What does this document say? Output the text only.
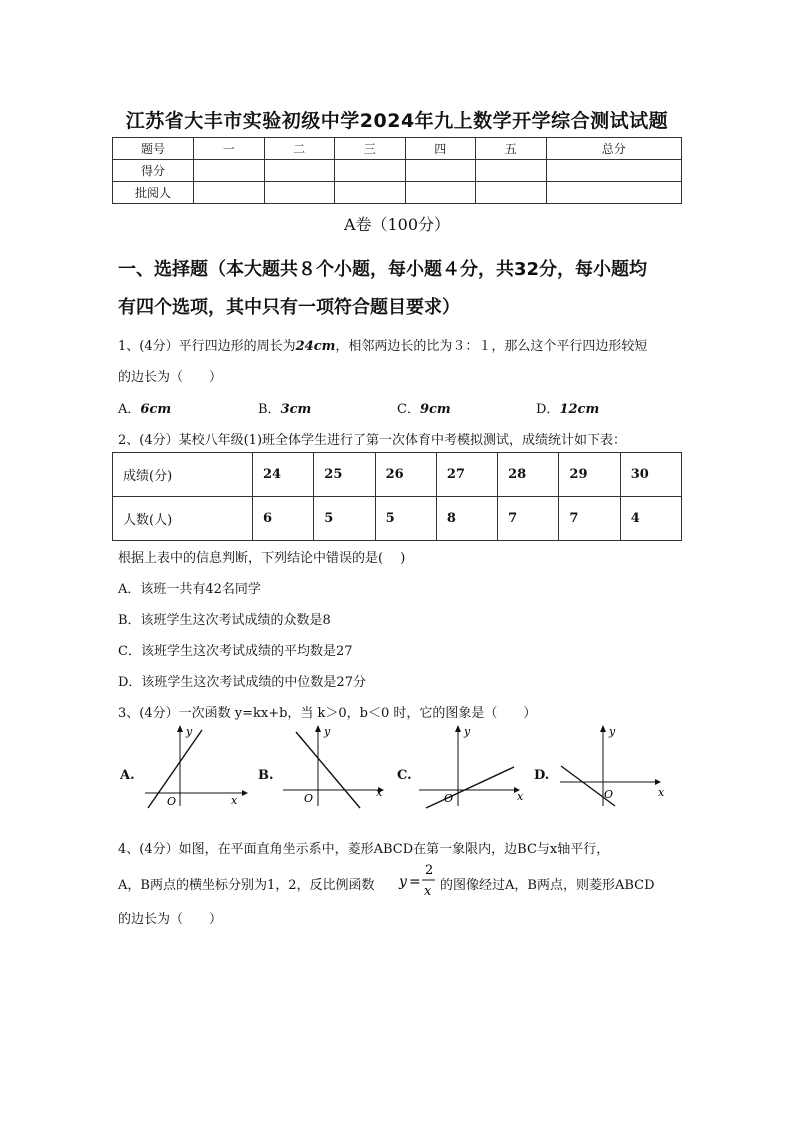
江苏省大丰市实验初级中学2024年九上数学开学综合测试试题
题号	一	二	三	四	五	总分
得分						
批阅人						
A卷（100分）
一、选择题（本大题共８个小题，每小题４分，共32分，每小题均
有四个选项，其中只有一项符合题目要求）
1、(4分）平行四边形的周长为24cm，相邻两边长的比为３：１，那么这个平行四边形较短
的边长为（　　）
A．6cm	B．3cm	C．9cm	D．12cm
2、(4分）某校八年级(1)班全体学生进行了第一次体育中考模拟测试，成绩统计如下表：
成绩(分)	24	25	26	27	28	29	30
人数(人)	6	5	5	8	7	7	4
根据上表中的信息判断，下列结论中错误的是(　 )
A．该班一共有42名同学
B．该班学生这次考试成绩的众数是8
C．该班学生这次考试成绩的平均数是27
D．该班学生这次考试成绩的中位数是27分
3、(4分）一次函数 y=kx+b，当 k＞0，b＜0 时，它的图象是（　　）
A.	B.	C.	D.
y
x
O
y
x
O
y
x
O
y
x
O
4、(4分）如图，在平面直角坐示系中，菱形ABCD在第一象限内，边BC与x轴平行，
A，B两点的横坐标分别为1，2，反比例函数 y =
2
x 的图像经过A，B两点，则菱形ABCD
的边长为（　　）
